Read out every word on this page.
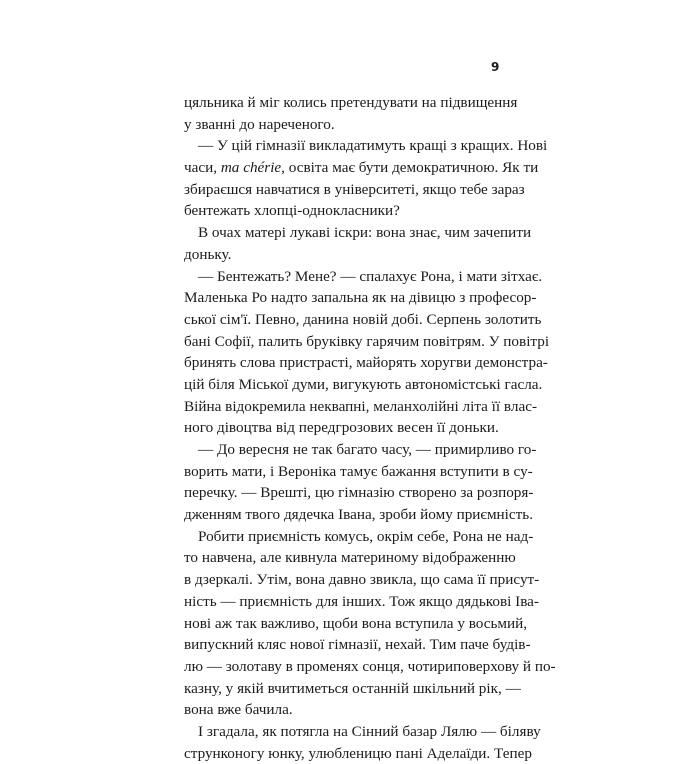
9
цяльника й міг колись претендувати на підвищення
у званні до нареченого.
— У цій гімназії викладатимуть кращі з кращих. Нові
часи, ma chérie, освіта має бути демократичною. Як ти
збираєшся навчатися в університеті, якщо тебе зараз
бентежать хлопці-однокласники?
В очах матері лукаві іскри: вона знає, чим зачепити
доньку.
— Бентежать? Мене? — спалахує Рона, і мати зітхає.
Маленька Ро надто запальна як на дівицю з професор-
ської сім'ї. Певно, данина новій добі. Серпень золотить
бані Софії, палить бруківку гарячим повітрям. У повітрі
бринять слова пристрасті, майорять хоругви демонстра-
цій біля Міської думи, вигукують автономістські гасла.
Війна відокремила неквапні, меланхолійні літа її влас-
ного дівоцтва від передгрозових весен її доньки.
— До вересня не так багато часу, — примирливо го-
ворить мати, і Вероніка тамує бажання вступити в су-
перечку. — Врешті, цю гімназію створено за розпоря-
дженням твого дядечка Івана, зроби йому приємність.
Робити приємність комусь, окрім себе, Рона не над-
то навчена, але кивнула материному відображенню
в дзеркалі. Утім, вона давно звикла, що сама її присут-
ність — приємність для інших. Тож якщо дядькові Іва-
нові аж так важливо, щоби вона вступила у восьмий,
випускний кляс нової гімназії, нехай. Тим паче будів-
лю — золотаву в променях сонця, чотириповерхову й по-
казну, у якій вчитиметься останній шкільний рік, —
вона вже бачила.
І згадала, як потягла на Сінний базар Лялю — біляву
струнконогу юнку, улюбленицю пані Аделаїди. Тепер
